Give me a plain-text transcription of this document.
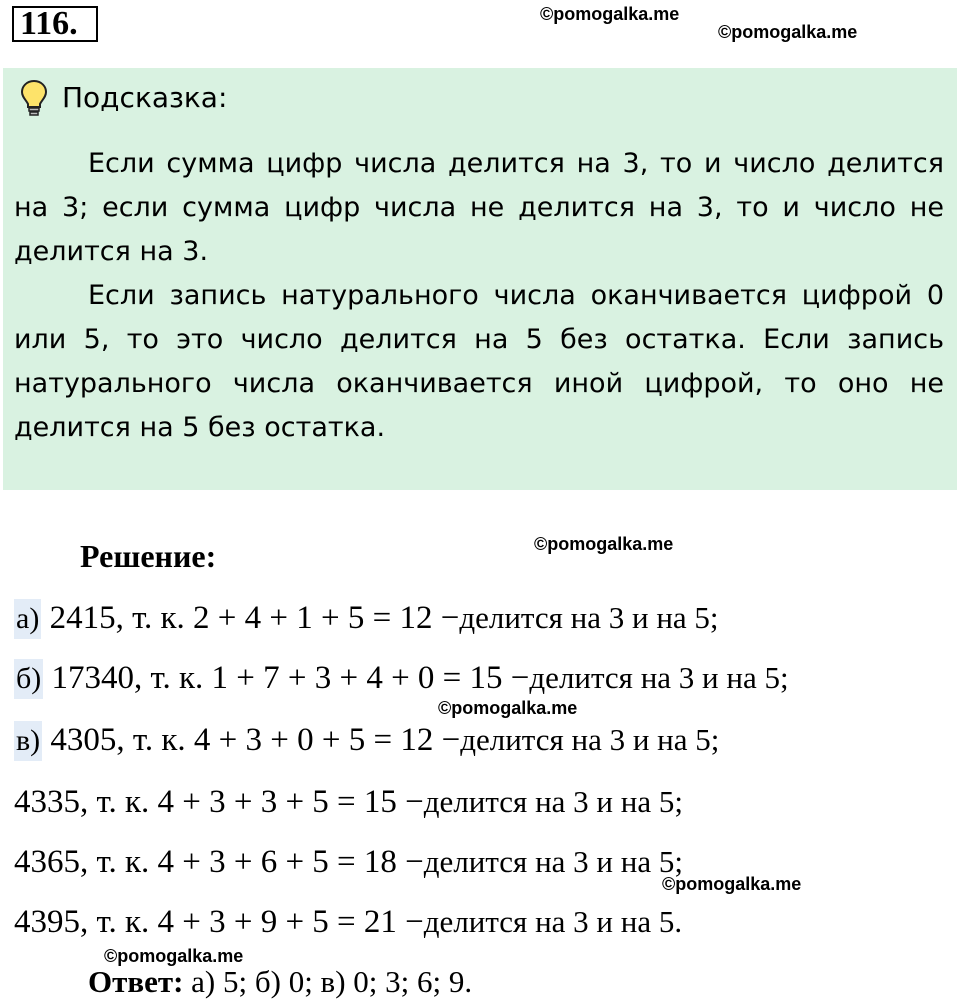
116.	©pomogalka.me
©pomogalka.me
Подсказка:

Если сумма цифр числа делится на 3, то и число делится на 3; если сумма цифр числа не делится на 3, то и число не делится на 3.

Если запись натурального числа оканчивается цифрой 0 или 5, то это число делится на 5 без остатка. Если запись натурального числа оканчивается иной цифрой, то оно не делится на 5 без остатка.

Решение:	©pomogalka.me
а) 2415, т. к. 2 + 4 + 1 + 5 = 12 −делится на 3 и на 5;
б) 17340, т. к. 1 + 7 + 3 + 4 + 0 = 15 −делится на 3 и на 5;
©pomogalka.me
в) 4305, т. к. 4 + 3 + 0 + 5 = 12 −делится на 3 и на 5;
4335, т. к. 4 + 3 + 3 + 5 = 15 −делится на 3 и на 5;
4365, т. к. 4 + 3 + 6 + 5 = 18 −делится на 3 и на 5;
©pomogalka.me
4395, т. к. 4 + 3 + 9 + 5 = 21 −делится на 3 и на 5.
©pomogalka.me
Ответ: а) 5; б) 0; в) 0; 3; 6; 9.
